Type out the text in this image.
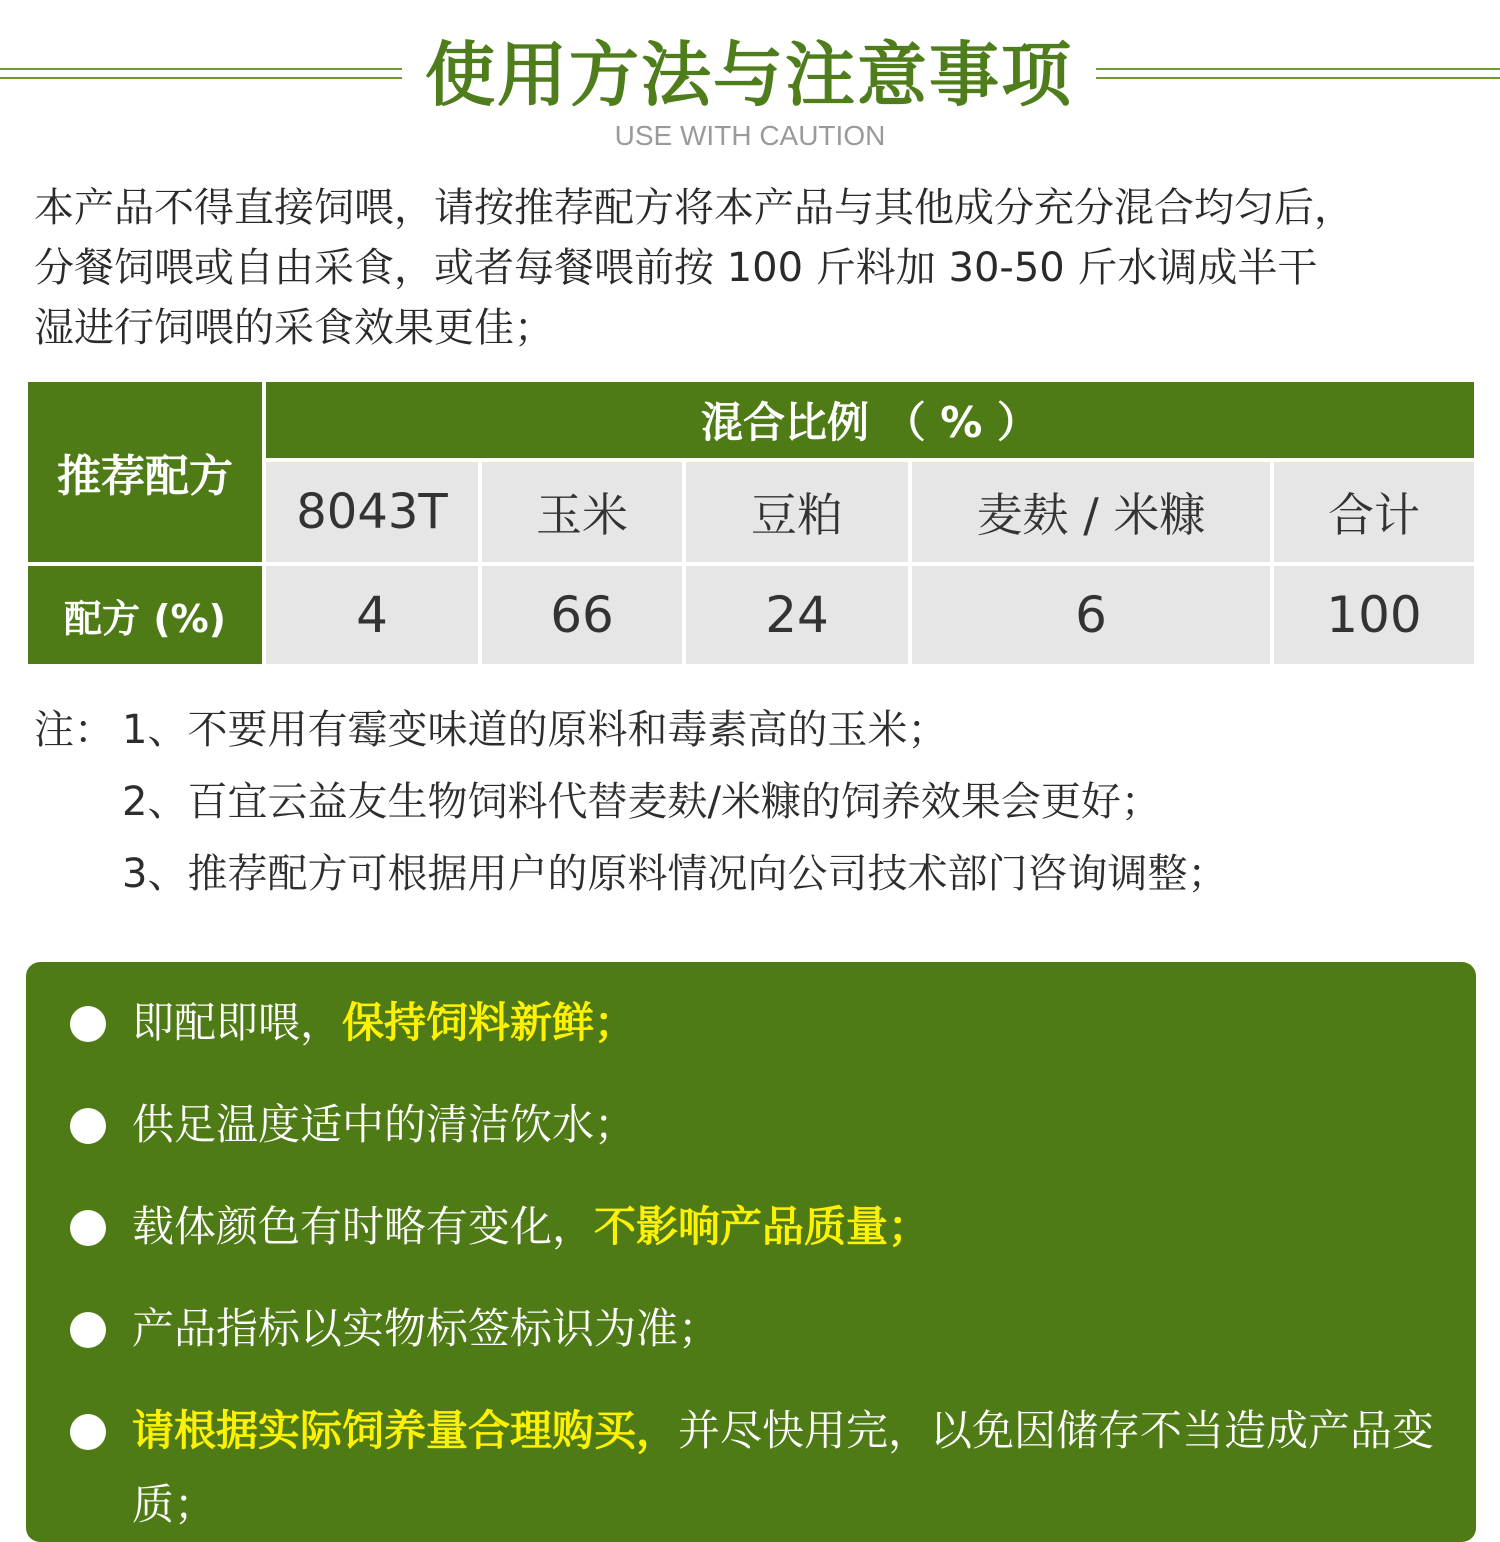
使用方法与注意事项
USE WITH CAUTION

本产品不得直接饲喂，请按推荐配方将本产品与其他成分充分混合均匀后，

分餐饲喂或自由采食，或者每餐喂前按 100 斤料加 30-50 斤水调成半干

湿进行饲喂的采食效果更佳；

推荐配方
混合比例 （ % ）
8043T	玉米	豆粕	麦麸 / 米糠	合计
配方 (%)	4	66	24	6	100
注： 1、不要用有霉变味道的原料和毒素高的玉米；
2、百宜云益友生物饲料代替麦麸/米糠的饲养效果会更好；
3、推荐配方可根据用户的原料情况向公司技术部门咨询调整；
即配即喂，保持饲料新鲜；
供足温度适中的清洁饮水；
载体颜色有时略有变化，不影响产品质量；
产品指标以实物标签标识为准；
请根据实际饲养量合理购买，并尽快用完，以免因储存不当造成产品变质；
